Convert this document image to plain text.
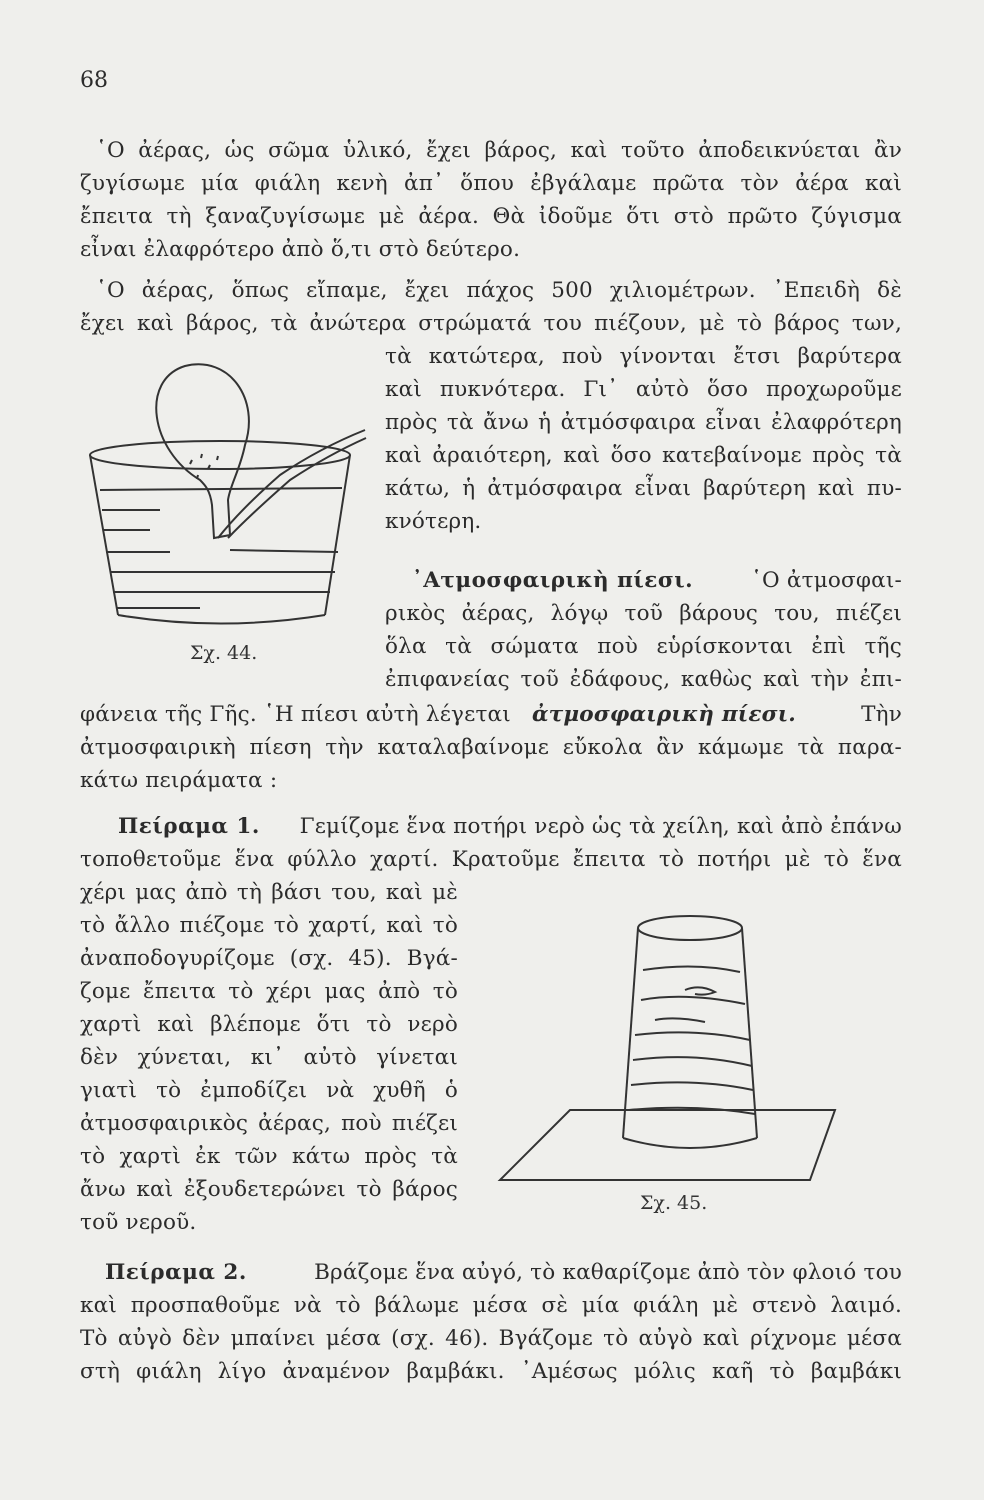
68
῾Ο ἀέρας, ὡς σῶμα ὑλικό, ἔχει βάρος, καὶ τοῦτο ἀποδεικνύεται ἂν
ζυγίσωμε μία φιάλη κενὴ ἀπ᾽ ὅπου ἐβγάλαμε πρῶτα τὸν ἀέρα καὶ
ἔπειτα τὴ ξαναζυγίσωμε μὲ ἀέρα. Θὰ ἰδοῦμε ὅτι στὸ πρῶτο ζύγισμα
εἶναι ἐλαφρότερο ἀπὸ ὅ,τι στὸ δεύτερο.
῾Ο ἀέρας, ὅπως εἴπαμε, ἔχει πάχος 500 χιλιομέτρων. ᾽Επειδὴ δὲ
ἔχει καὶ βάρος, τὰ ἀνώτερα στρώματά του πιέζουν, μὲ τὸ βάρος των,
τὰ κατώτερα, ποὺ γίνονται ἔτσι βαρύτερα
καὶ πυκνότερα. Γι᾽ αὐτὸ ὅσο προχωροῦμε
πρὸς τὰ ἄνω ἡ ἀτμόσφαιρα εἶναι ἐλαφρότερη
καὶ ἀραιότερη, καὶ ὅσο κατεβαίνομε πρὸς τὰ
κάτω, ἡ ἀτμόσφαιρα εἶναι βαρύτερη καὶ πυ-
κνότερη.
Σχ. 44.
᾽Ατμοσφαιρικὴ πίεσι.	῾Ο ἀτμοσφαι-
ρικὸς ἀέρας, λόγῳ τοῦ βάρους του, πιέζει
ὅλα τὰ σώματα ποὺ εὑρίσκονται ἐπὶ τῆς
ἐπιφανείας τοῦ ἐδάφους, καθὼς καὶ τὴν ἐπι-
φάνεια τῆς Γῆς. ῾Η πίεσι αὐτὴ λέγεται ἀτμοσφαιρικὴ πίεσι.	Τὴν
ἀτμοσφαιρικὴ πίεση τὴν καταλαβαίνομε εὔκολα ἂν κάμωμε τὰ παρα-
κάτω πειράματα :
Πείραμα 1. Γεμίζομε ἕνα ποτήρι νερὸ ὡς τὰ χείλη, καὶ ἀπὸ ἐπάνω
τοποθετοῦμε ἕνα φύλλο χαρτί. Κρατοῦμε ἔπειτα τὸ ποτήρι μὲ τὸ ἕνα
χέρι μας ἀπὸ τὴ βάσι του, καὶ μὲ
τὸ ἄλλο πιέζομε τὸ χαρτί, καὶ τὸ
ἀναποδογυρίζομε (σχ. 45). Βγά-
ζομε ἔπειτα τὸ χέρι μας ἀπὸ τὸ
χαρτὶ καὶ βλέπομε ὅτι τὸ νερὸ
δὲν χύνεται, κι᾽ αὐτὸ γίνεται
γιατὶ τὸ ἐμποδίζει νὰ χυθῆ ὁ
ἀτμοσφαιρικὸς ἀέρας, ποὺ πιέζει
τὸ χαρτὶ ἐκ τῶν κάτω πρὸς τὰ
ἄνω καὶ ἐξουδετερώνει τὸ βάρος
τοῦ νεροῦ.
Σχ. 45.
Πείραμα 2.	Βράζομε ἕνα αὐγό, τὸ καθαρίζομε ἀπὸ τὸν φλοιό του
καὶ προσπαθοῦμε νὰ τὸ βάλωμε μέσα σὲ μία φιάλη μὲ στενὸ λαιμό.
Τὸ αὐγὸ δὲν μπαίνει μέσα (σχ. 46). Βγάζομε τὸ αὐγὸ καὶ ρίχνομε μέσα
στὴ φιάλη λίγο ἀναμένον βαμβάκι. ᾽Αμέσως μόλις καῆ τὸ βαμβάκι
